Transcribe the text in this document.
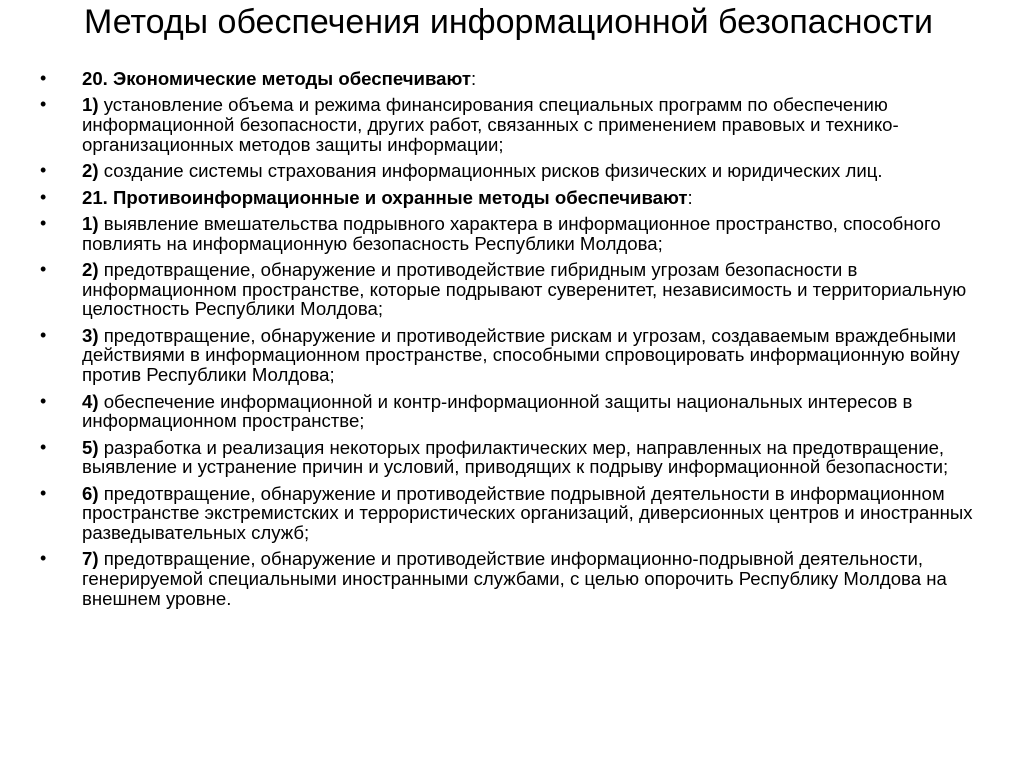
Методы обеспечения информационной безопасности
•	20. Экономические методы обеспечивают:
•	1) установление объема и режима финансирования специальных программ по обеспечению информационной безопасности, других работ, связанных с применением правовых и технико-организационных методов защиты информации;
•	2) создание системы страхования информационных рисков физических и юридических лиц.
•	21. Противоинформационные и охранные методы обеспечивают:
•	1) выявление вмешательства подрывного характера в информационное пространство, способного повлиять на информационную безопасность Республики Молдова;
•	2) предотвращение, обнаружение и противодействие гибридным угрозам безопасности в информационном пространстве, которые подрывают суверенитет, независимость и территориальную целостность Республики Молдова;
•	3) предотвращение, обнаружение и противодействие рискам и угрозам, создаваемым враждебными действиями в информационном пространстве, способными спровоцировать информационную войну против Республики Молдова;
•	4) обеспечение информационной и контр-информационной защиты национальных интересов в информационном пространстве;
•	5) разработка и реализация некоторых профилактических мер, направленных на предотвращение, выявление и устранение причин и условий, приводящих к подрыву информационной безопасности;
•	6) предотвращение, обнаружение и противодействие подрывной деятельности в информационном пространстве экстремистских и террористических организаций, диверсионных центров и иностранных разведывательных служб;
•	7) предотвращение, обнаружение и противодействие информационно-подрывной деятельности, генерируемой специальными иностранными службами, с целью опорочить Республику Молдова на внешнем уровне.
